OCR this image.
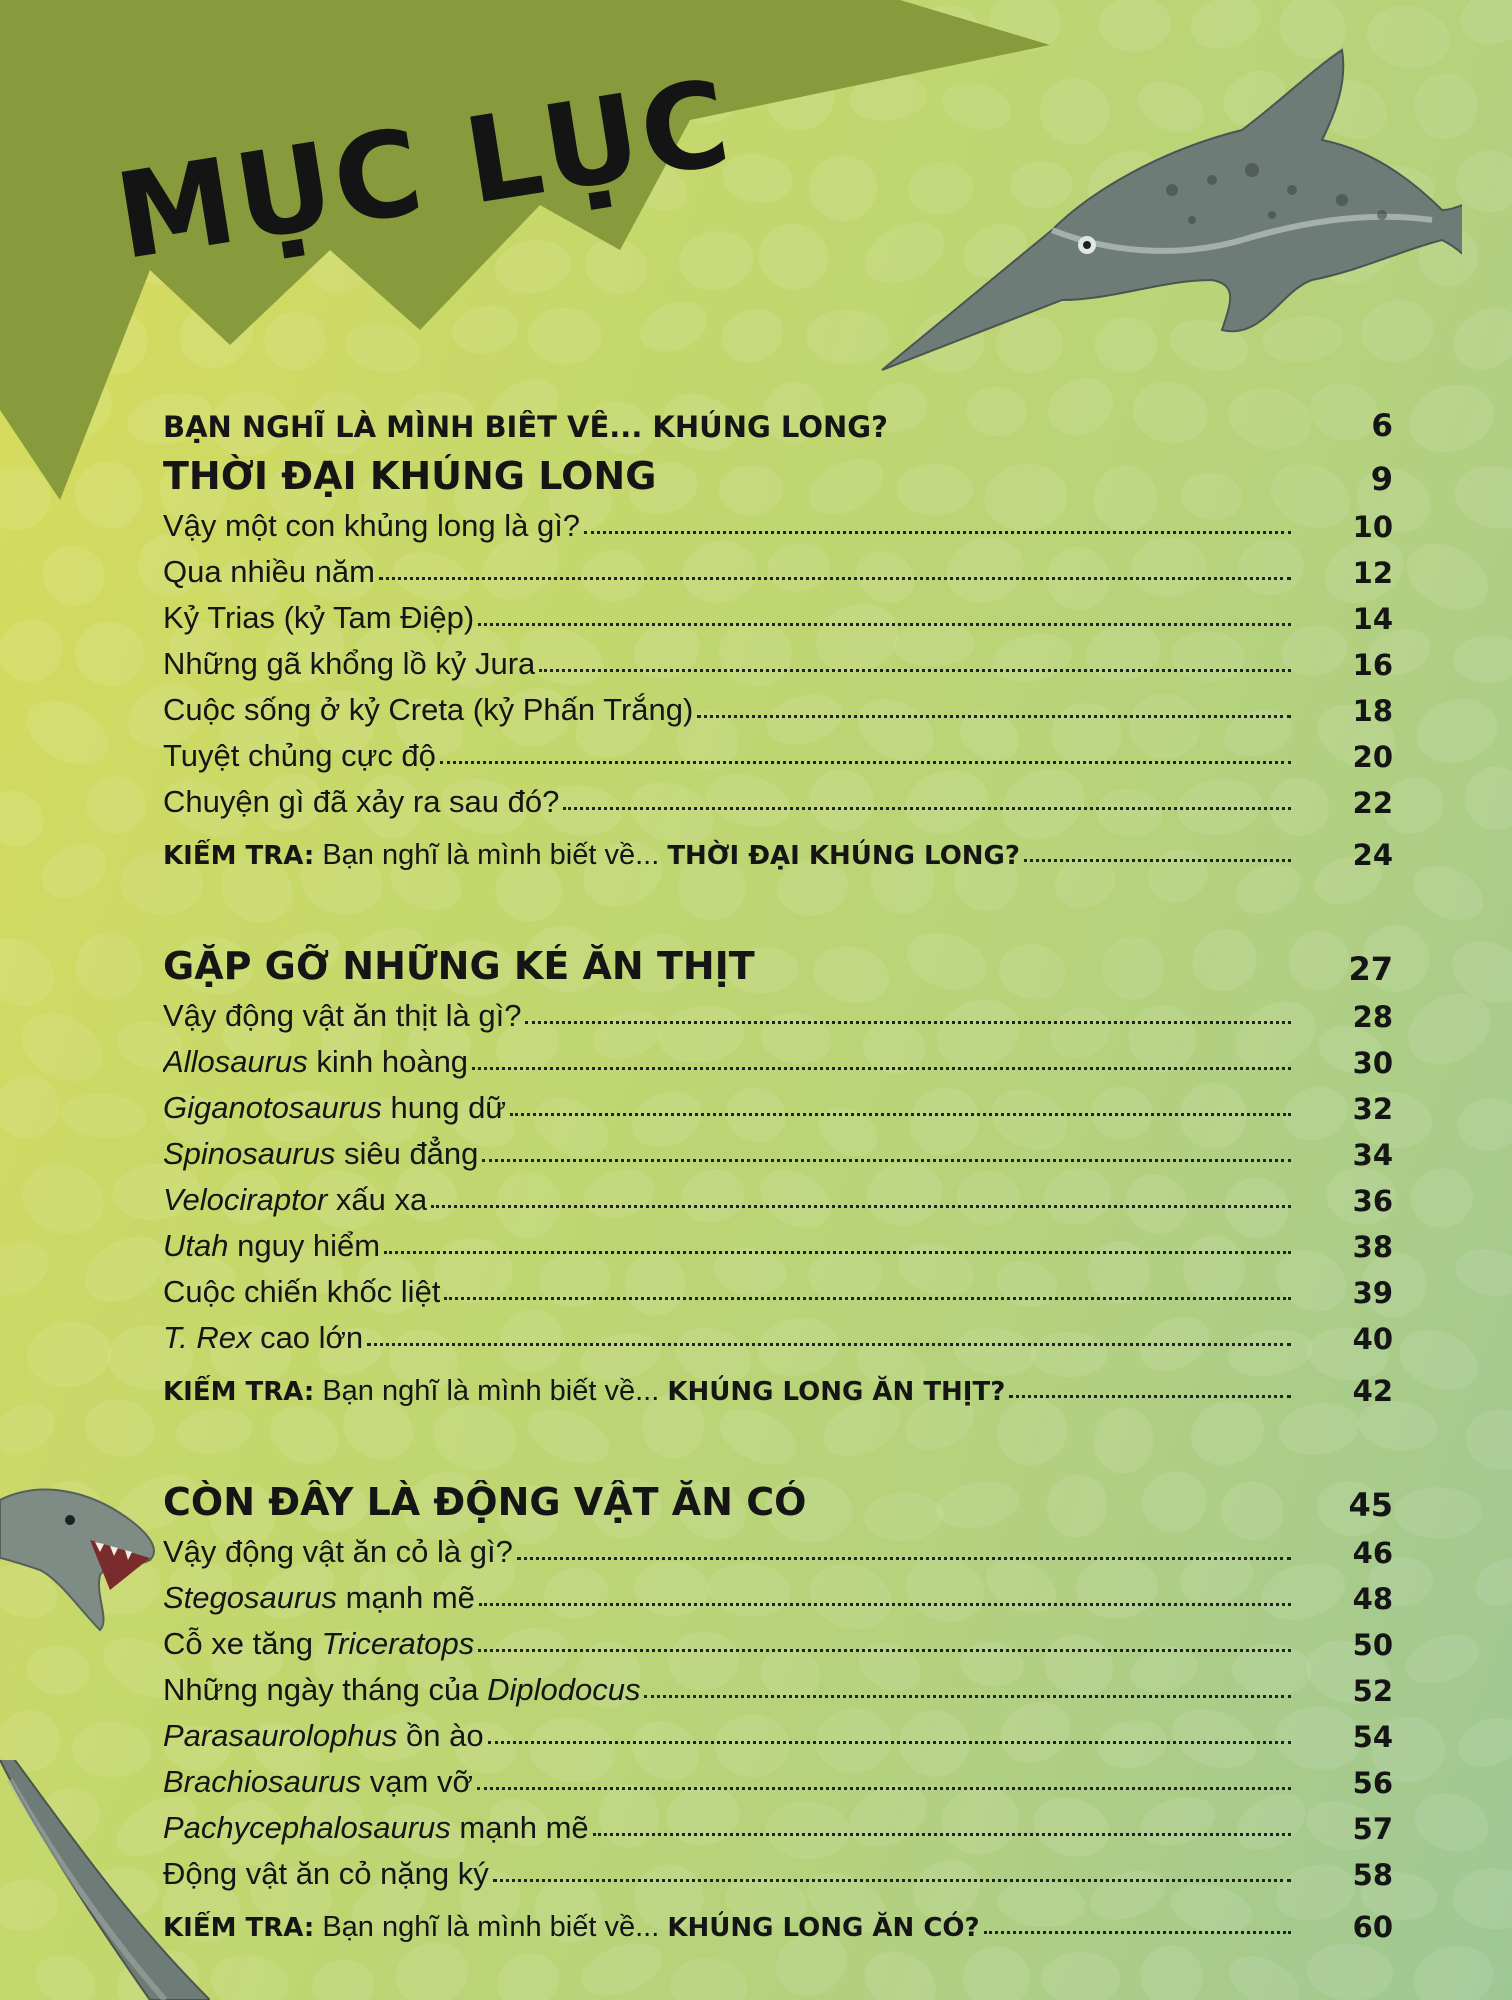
MỤC LỤC
BẠN NGHĨ LÀ MÌNH BIẾT VỀ... KHỦNG LONG?	6
THỜI ĐẠI KHỦNG LONG	9
Vậy một con khủng long là gì?	10
Qua nhiều năm	12
Kỷ Trias (kỷ Tam Điệp)	14
Những gã khổng lồ kỷ Jura	16
Cuộc sống ở kỷ Creta (kỷ Phấn Trắng)	18
Tuyệt chủng cực độ	20
Chuyện gì đã xảy ra sau đó?	22
KIỂM TRA: Bạn nghĩ là mình biết về... THỜI ĐẠI KHỦNG LONG?	24
GẶP GỠ NHỮNG KẺ ĂN THỊT	27
Vậy động vật ăn thịt là gì?	28
Allosaurus kinh hoàng	30
Giganotosaurus hung dữ	32
Spinosaurus siêu đẳng	34
Velociraptor xấu xa	36
Utah nguy hiểm	38
Cuộc chiến khốc liệt	39
T. Rex cao lớn	40
KIỂM TRA: Bạn nghĩ là mình biết về... KHỦNG LONG ĂN THỊT?	42
CÒN ĐÂY LÀ ĐỘNG VẬT ĂN CỎ	45
Vậy động vật ăn cỏ là gì?	46
Stegosaurus mạnh mẽ	48
Cỗ xe tăng Triceratops	50
Những ngày tháng của Diplodocus	52
Parasaurolophus ồn ào	54
Brachiosaurus vạm vỡ	56
Pachycephalosaurus mạnh mẽ	57
Động vật ăn cỏ nặng ký	58
KIỂM TRA: Bạn nghĩ là mình biết về... KHỦNG LONG ĂN CỎ?	60
